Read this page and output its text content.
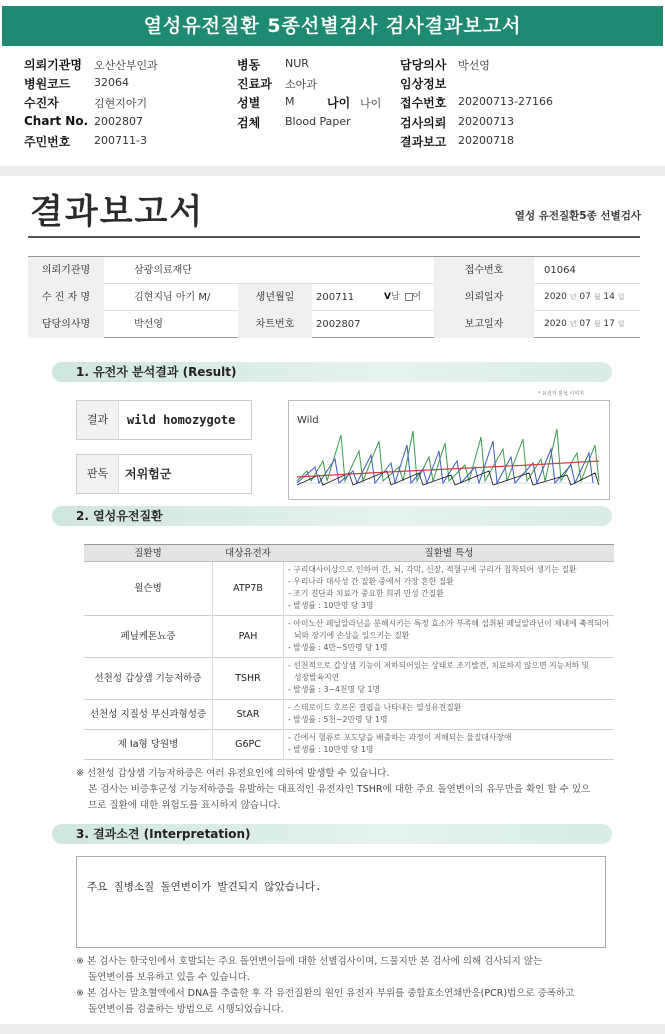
열성유전질환 5종선별검사 검사결과보고서
의뢰기관명 오산산부인과
병원코드 32064
수진자	김현지아기
Chart No. 2002807
주민번호 200711-3
병동 NUR
진료과 소아과
성별 M	나이 나이
검체 Blood Paper
담당의사 박선영
임상정보
접수번호 20200713-27166
검사의뢰 20200713
결과보고 20200718
결과보고서	열성 유전질환5종 선별검사
의뢰기관명	삼광의료재단	접수번호	01064
수 진 자 명	김현지님 아기 M/	생년월일	200711	V남 여	의뢰일자	2020 $^년$ 07 $^월$ 14 $^일$
담당의사명	박선영	차트번호	2002807	보고일자	2020 $^년$ 07 $^월$ 17 $^일$
1. 유전자 분석결과 (Result)
결과	wild homozygote
판독	저위험군
* 유전자 분석 이미지
Wild
2. 열성유전질환
질환명	대상유전자	질환별 특성
윌슨병	ATP7B
- 구리대사이상으로 인하여 간, 뇌, 각막, 신장, 적혈구에 구리가 침착되어 생기는 질환
- 우리나라 대사성 간 질환 중에서 가장 흔한 질환
- 조기 진단과 치료가 중요한 희귀 만성 간질환
- 발생률 : 10만명 당 3명
페닐케톤뇨증	PAH
- 아미노산 페닐알라닌을 분해시키는 특정 효소가 부족해 섭취된 페닐알라닌이 체내에 축적되어
뇌와 장기에 손상을 일으키는 질환
- 발생률 : 4만~5만명 당 1명
선천성 갑상샘 기능저하증	TSHR
- 선천적으로 갑상샘 기능이 저하되어있는 상태로 조기발견, 치료하지 않으면 지능저하 및
성장발육지연
- 발생률 : 3~4천명 당 1명
선천성 지질성 부신과형성증	StAR
- 스테로이드 호르몬 결핍을 나타내는 열성유전질환
- 발생률 : 5천~2만명 당 1명
제 Ia형 당원병	G6PC
- 간에서 혈류로 포도당을 배출하는 과정이 저해되는 물질대사장애
- 발생률 : 10만명 당 1명
※ 선천성 갑상샘 기능저하증은 여러 유전요인에 의하여 발생할 수 있습니다.
본 검사는 비증후군성 기능저하증을 유발하는 대표적인 유전자인 TSHR에 대한 주요 돌연변이의 유무만을 확인 할 수 있으
므로 질환에 대한 위험도를 표시하지 않습니다.
3. 결과소견 (Interpretation)
주요 질병소질 돌연변이가 발견되지 않았습니다.
※ 본 검사는 한국인에서 호발되는 주요 돌연변이들에 대한 선별검사이며, 드물지만 본 검사에 의해 검사되지 않는
돌연변이를 보유하고 있을 수 있습니다.
※ 본 검사는 말초혈액에서 DNA를 추출한 후 각 유전질환의 원인 유전자 부위를 중합효소연쇄반응(PCR)법으로 증폭하고
돌연변이를 검출하는 방법으로 시행되었습니다.
